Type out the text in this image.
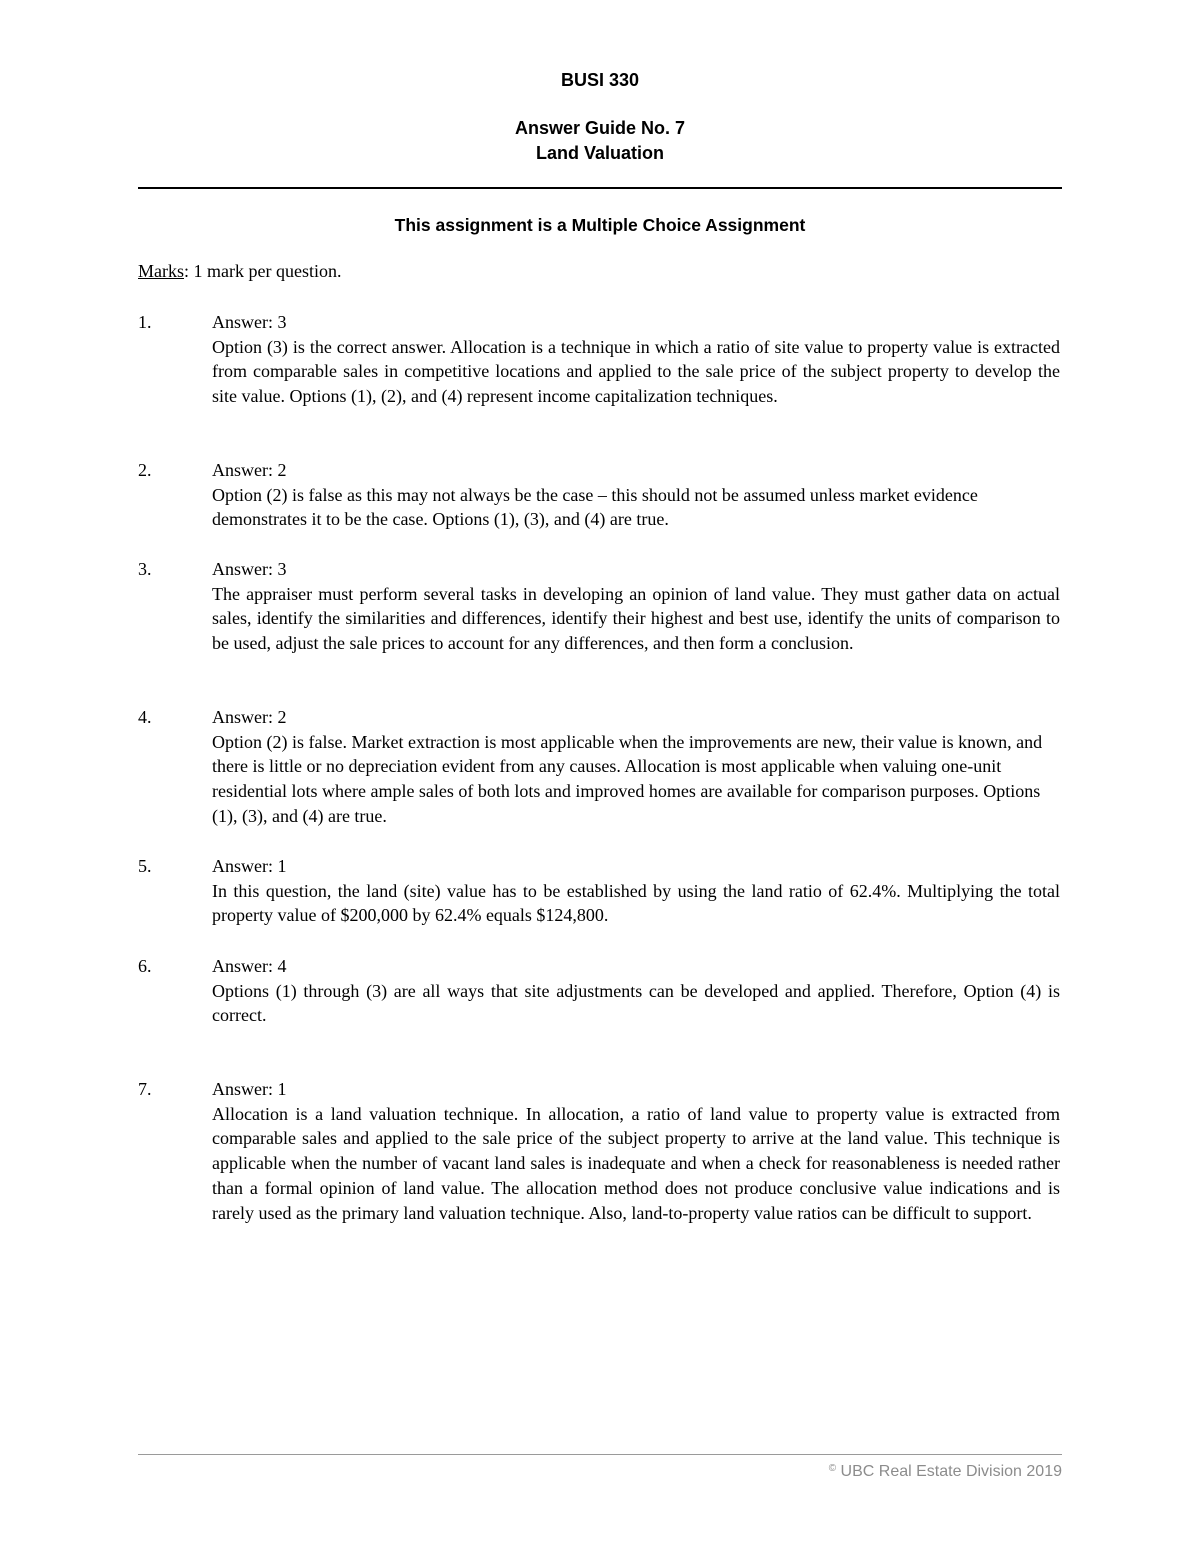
BUSI 330
Answer Guide No. 7
Land Valuation
This assignment is a Multiple Choice Assignment
Marks: 1 mark per question.
1.	Answer: 3
Option (3) is the correct answer. Allocation is a technique in which a ratio of site value to property value is extracted from comparable sales in competitive locations and applied to the sale price of the subject property to develop the site value. Options (1), (2), and (4) represent income capitalization techniques.
2.	Answer: 2
Option (2) is false as this may not always be the case – this should not be assumed unless market evidence demonstrates it to be the case. Options (1), (3), and (4) are true.
3.	Answer: 3
The appraiser must perform several tasks in developing an opinion of land value. They must gather data on actual sales, identify the similarities and differences, identify their highest and best use, identify the units of comparison to be used, adjust the sale prices to account for any differences, and then form a conclusion.
4.	Answer: 2
Option (2) is false. Market extraction is most applicable when the improvements are new, their value is known, and there is little or no depreciation evident from any causes. Allocation is most applicable when valuing one-unit residential lots where ample sales of both lots and improved homes are available for comparison purposes. Options (1), (3), and (4) are true.
5.	Answer: 1
In this question, the land (site) value has to be established by using the land ratio of 62.4%. Multiplying the total property value of $200,000 by 62.4% equals $124,800.
6.	Answer: 4
Options (1) through (3) are all ways that site adjustments can be developed and applied. Therefore, Option (4) is correct.
7.	Answer: 1
Allocation is a land valuation technique. In allocation, a ratio of land value to property value is extracted from comparable sales and applied to the sale price of the subject property to arrive at the land value. This technique is applicable when the number of vacant land sales is inadequate and when a check for reasonableness is needed rather than a formal opinion of land value. The allocation method does not produce conclusive value indications and is rarely used as the primary land valuation technique. Also, land-to-property value ratios can be difficult to support.
© UBC Real Estate Division 2019
